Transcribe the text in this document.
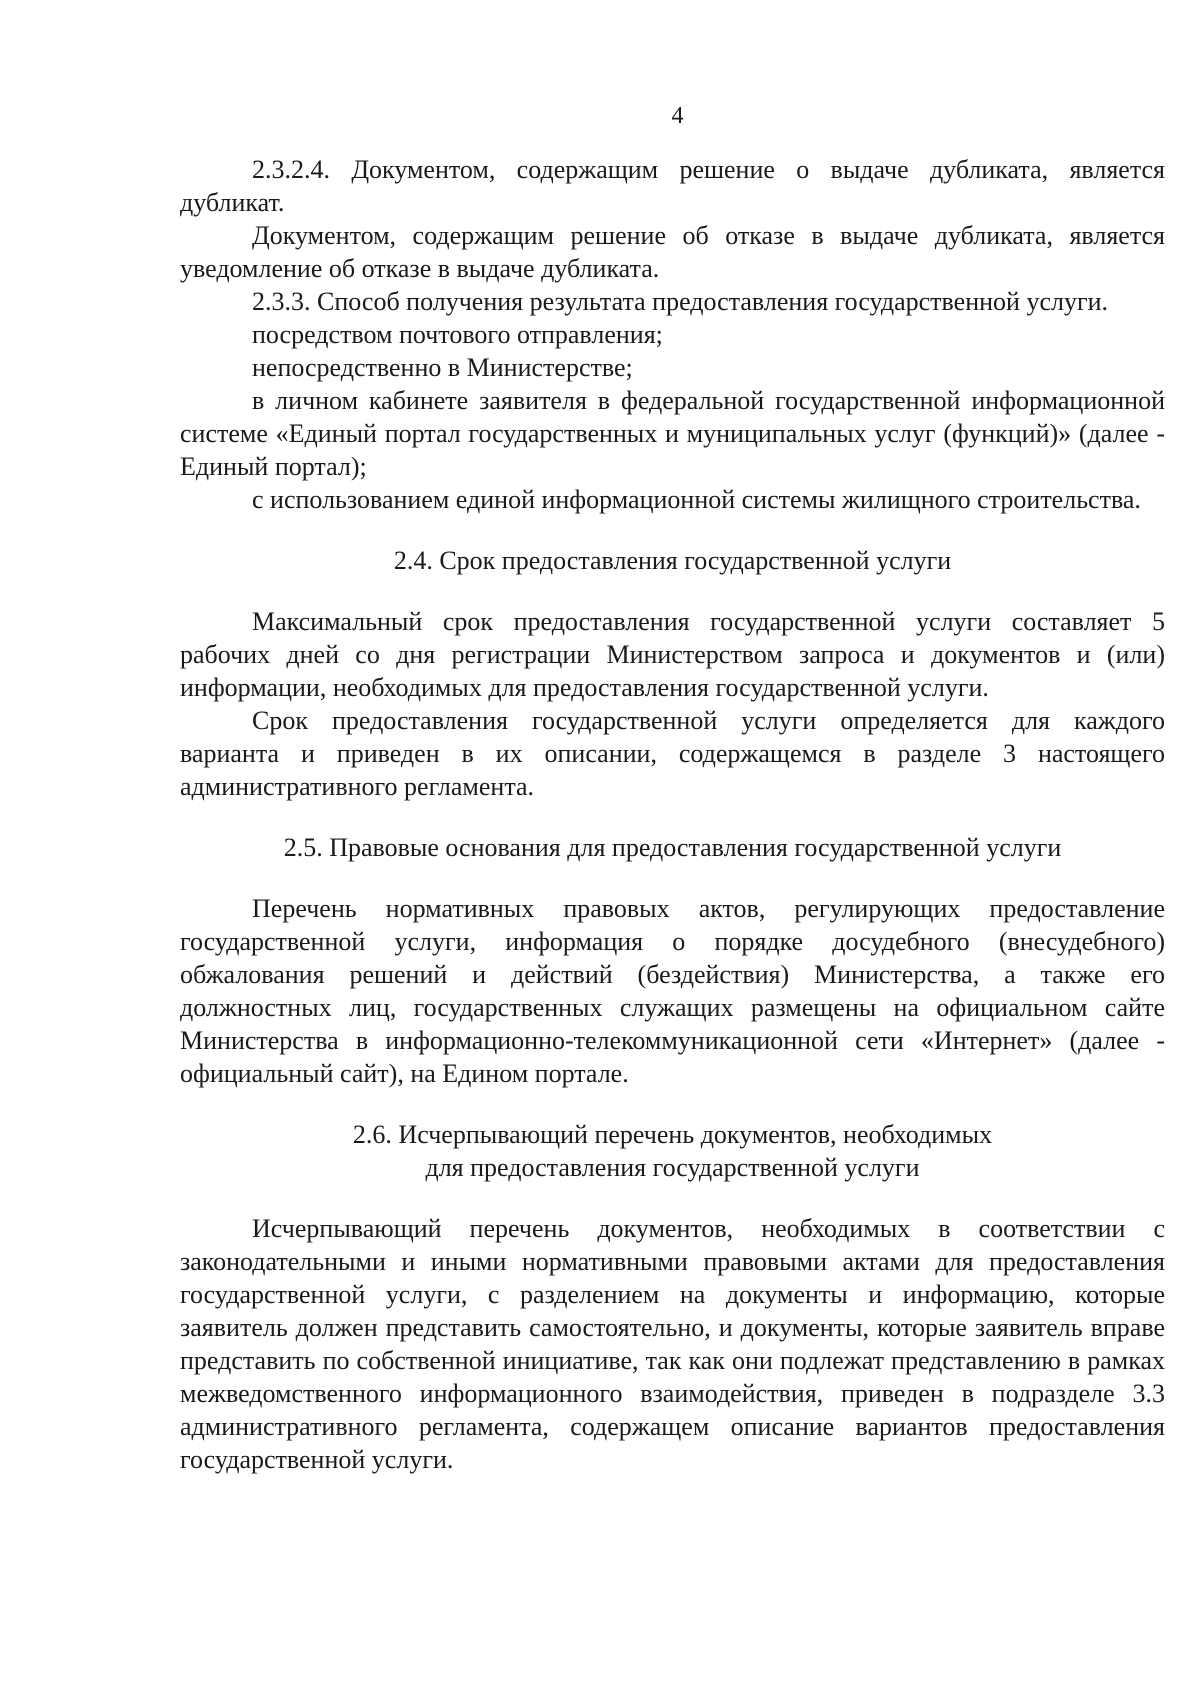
4

2.3.2.4. Документом, содержащим решение о выдаче дубликата, является дубликат.

Документом, содержащим решение об отказе в выдаче дубликата, является уведомление об отказе в выдаче дубликата.

2.3.3. Способ получения результата предоставления государственной услуги.

посредством почтового отправления;

непосредственно в Министерстве;

в личном кабинете заявителя в федеральной государственной информационной системе «Единый портал государственных и муниципальных услуг (функций)» (далее - Единый портал);

с использованием единой информационной системы жилищного строительства.

2.4. Срок предоставления государственной услуги

Максимальный срок предоставления государственной услуги составляет 5 рабочих дней со дня регистрации Министерством запроса и документов и (или) информации, необходимых для предоставления государственной услуги.

Срок предоставления государственной услуги определяется для каждого варианта и приведен в их описании, содержащемся в разделе 3 настоящего административного регламента.

2.5. Правовые основания для предоставления государственной услуги

Перечень нормативных правовых актов, регулирующих предоставление государственной услуги, информация о порядке досудебного (внесудебного) обжалования решений и действий (бездействия) Министерства, а также его должностных лиц, государственных служащих размещены на официальном сайте Министерства в информационно-телекоммуникационной сети «Интернет» (далее - официальный сайт), на Едином портале.

2.6. Исчерпывающий перечень документов, необходимых
для предоставления государственной услуги

Исчерпывающий перечень документов, необходимых в соответствии с законодательными и иными нормативными правовыми актами для предоставления государственной услуги, с разделением на документы и информацию, которые заявитель должен представить самостоятельно, и документы, которые заявитель вправе представить по собственной инициативе, так как они подлежат представлению в рамках межведомственного информационного взаимодействия, приведен в подразделе 3.3 административного регламента, содержащем описание вариантов предоставления государственной услуги.
